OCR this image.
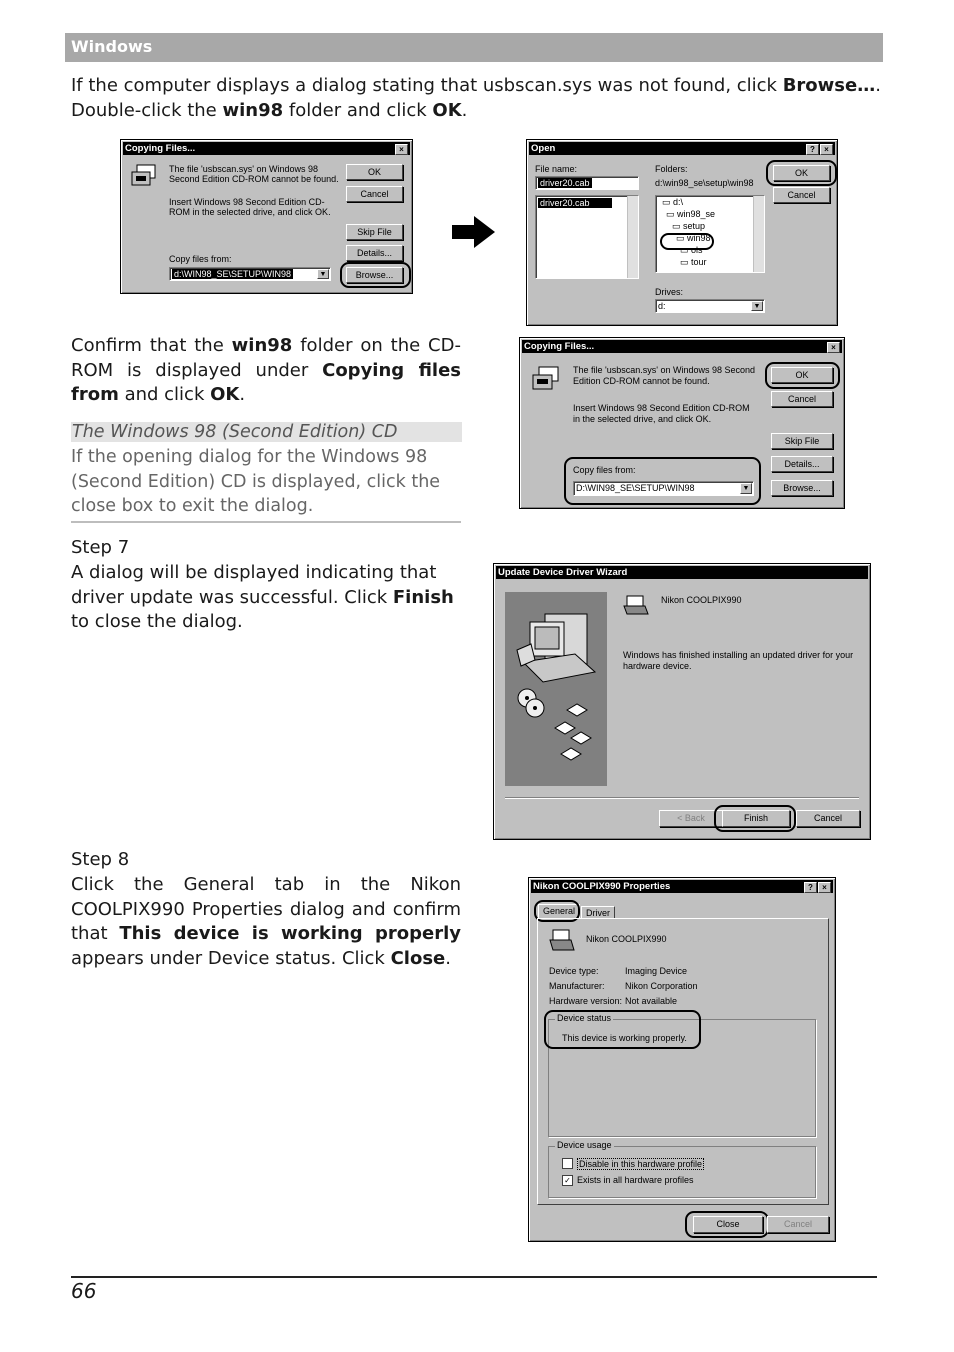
Windows
If the computer displays a dialog stating that usbscan.sys was not found, click Browse…. Double-click the win98 folder and click OK.
Copying Files...	×
The file 'usbscan.sys' on Windows 98 Second Edition CD-ROM cannot be found.
Insert Windows 98 Second Edition CD-ROM in the selected drive, and click OK.
Copy files from:
d:\WIN98_SE\SETUP\WIN98	▼
OK
Cancel
Skip File
Details...
Browse...
Open	?	×
File name:
driver20.cab
driver20.cab
Folders:
d:\win98_se\setup\win98
▭ d:\
▭ win98_se
▭ setup
▭ win98
▭ ols
▭ tour
Drives:
d:	▼
OK
Cancel
Confirm that the win98 folder on the CD-ROM is displayed under Copying files from and click OK.
The Windows 98 (Second Edition) CD
If the opening dialog for the Windows 98 (Second Edition) CD is displayed, click the close box to exit the dialog.
Copying Files...	×
The file 'usbscan.sys' on Windows 98 Second Edition CD-ROM cannot be found.
Insert Windows 98 Second Edition CD-ROM in the selected drive, and click OK.
Copy files from:
D:\WIN98_SE\SETUP\WIN98	▼
OK
Cancel
Skip File
Details...
Browse...
Step 7
A dialog will be displayed indicating that driver update was successful. Click Finish to close the dialog.
Update Device Driver Wizard
Nikon COOLPIX990
Windows has finished installing an updated driver for your hardware device.
< Back	Finish	Cancel
Step 8
Click the General tab in the Nikon COOLPIX990 Properties dialog and confirm that This device is working properly appears under Device status. Click Close.
Nikon COOLPIX990 Properties	?	×
General	Driver
Nikon COOLPIX990
Device type:	Imaging Device
Manufacturer: Nikon Corporation
Hardware version: Not available
Device status
This device is working properly.
Device usage
Disable in this hardware profile
✓ Exists in all hardware profiles
Close	Cancel
66
